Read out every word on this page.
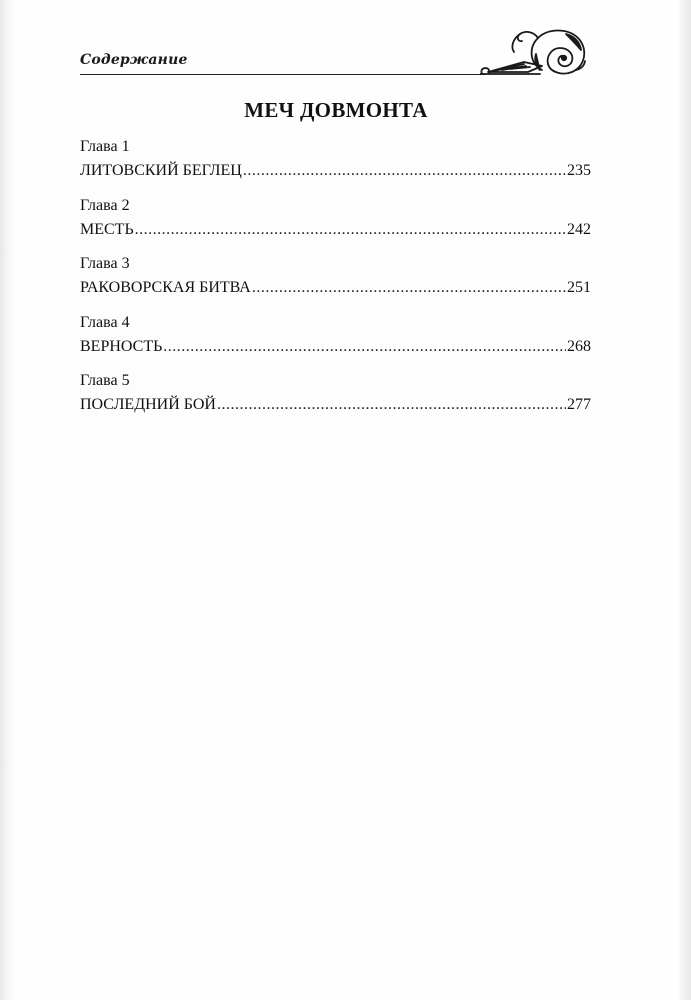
Содержание
МЕЧ ДОВМОНТА
Глава 1
ЛИТОВСКИЙ БЕГЛЕЦ .....	235
Глава 2
МЕСТЬ .....	242
Глава 3
РАКОВОРСКАЯ БИТВА .....	251
Глава 4
ВЕРНОСТЬ .....	268
Глава 5
ПОСЛЕДНИЙ БОЙ .....	277
